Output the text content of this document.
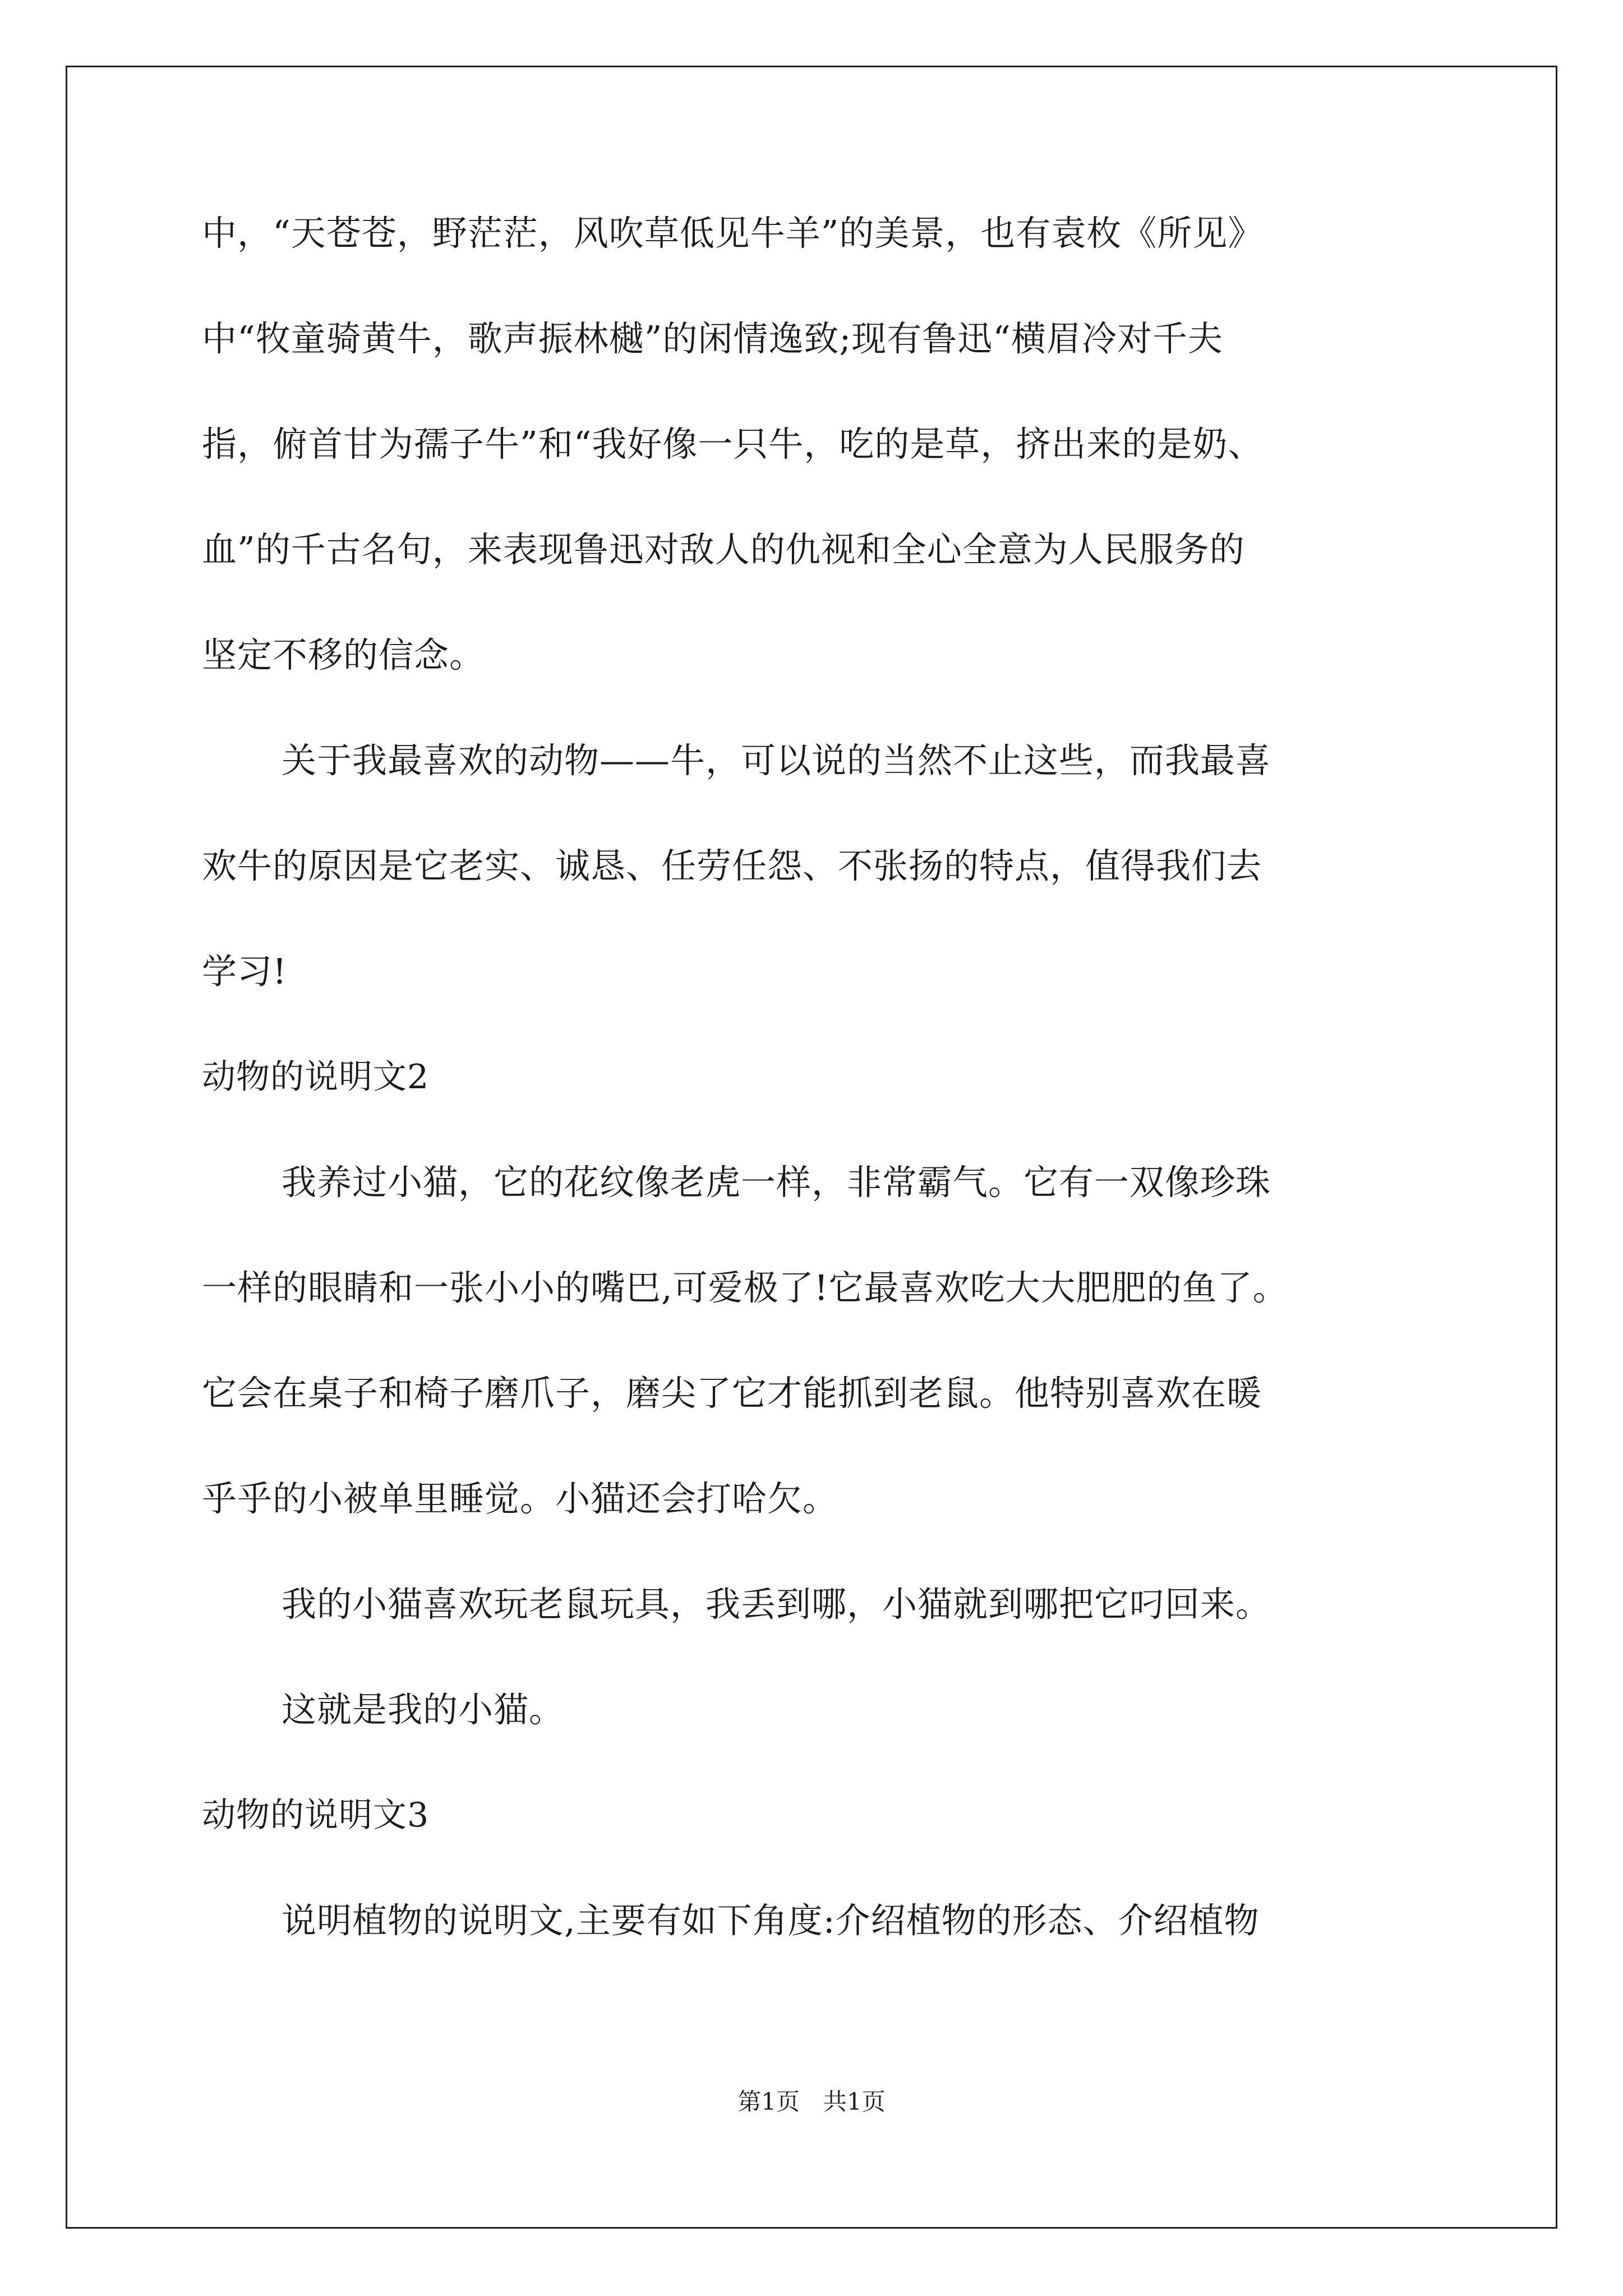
中，“天苍苍，野茫茫，风吹草低见牛羊”的美景，也有袁枚《所见》
中“牧童骑黄牛，歌声振林樾”的闲情逸致;现有鲁迅“横眉冷对千夫
指，俯首甘为孺子牛”和“我好像一只牛，吃的是草，挤出来的是奶、
血”的千古名句，来表现鲁迅对敌人的仇视和全心全意为人民服务的
坚定不移的信念。
关于我最喜欢的动物——牛，可以说的当然不止这些，而我最喜
欢牛的原因是它老实、诚恳、任劳任怨、不张扬的特点，值得我们去
学习!
动物的说明文2
我养过小猫，它的花纹像老虎一样，非常霸气。它有一双像珍珠
一样的眼睛和一张小小的嘴巴,可爱极了!它最喜欢吃大大肥肥的鱼了。
它会在桌子和椅子磨爪子，磨尖了它才能抓到老鼠。他特别喜欢在暖
乎乎的小被单里睡觉。小猫还会打哈欠。
我的小猫喜欢玩老鼠玩具，我丢到哪，小猫就到哪把它叼回来。
这就是我的小猫。
动物的说明文3
说明植物的说明文,主要有如下角度:介绍植物的形态、介绍植物
第1页　共1页
